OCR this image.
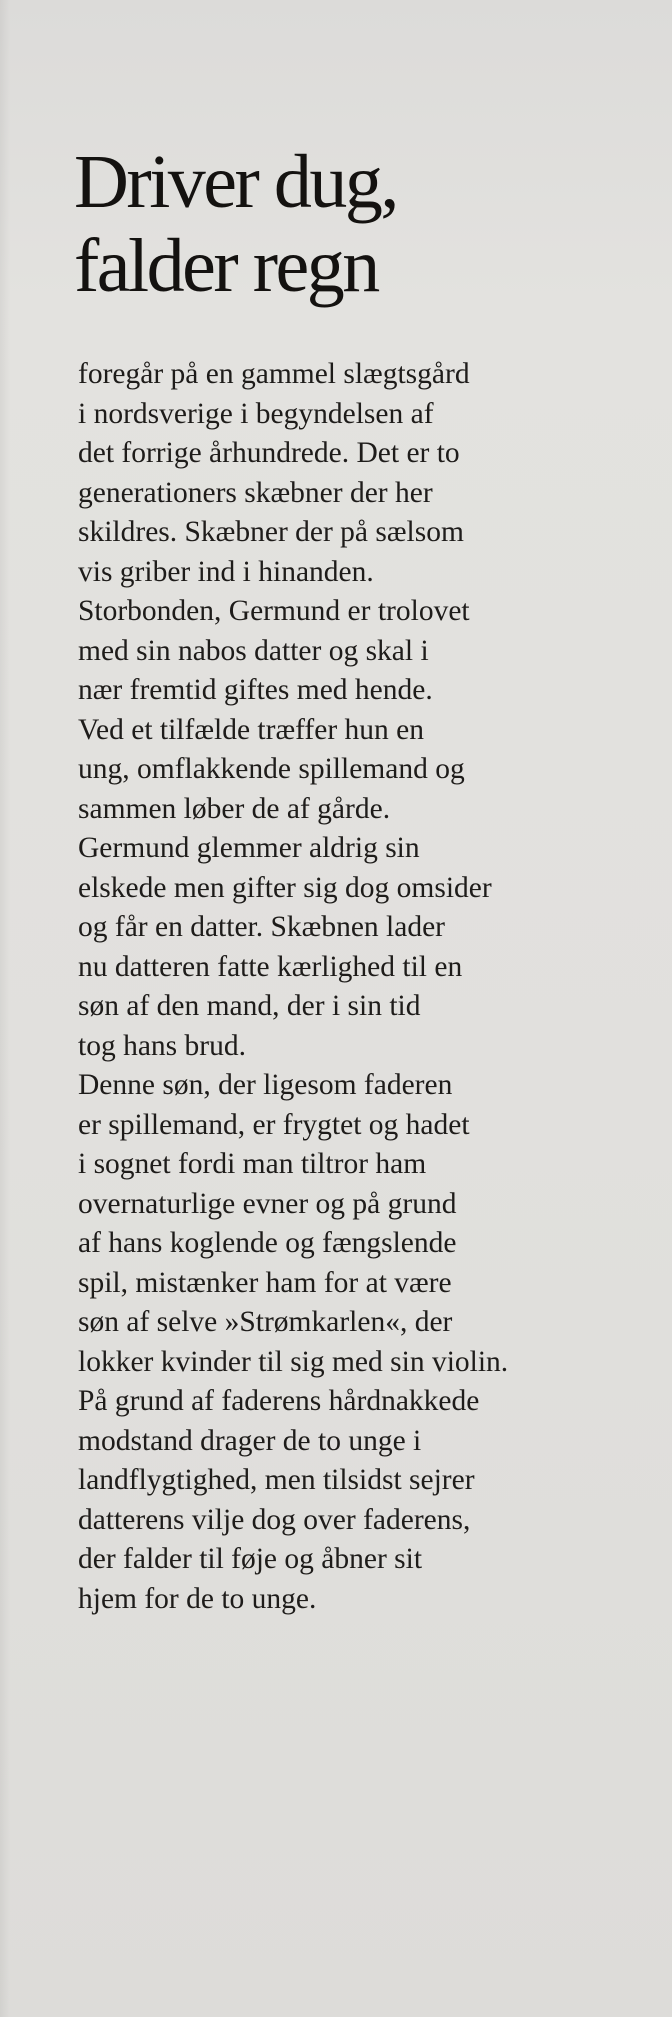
Driver dug,
falder regn
foregår på en gammel slægtsgård
i nordsverige i begyndelsen af
det forrige århundrede. Det er to
generationers skæbner der her
skildres. Skæbner der på sælsom
vis griber ind i hinanden.
Storbonden, Germund er trolovet
med sin nabos datter og skal i
nær fremtid giftes med hende.
Ved et tilfælde træffer hun en
ung, omflakkende spillemand og
sammen løber de af gårde.
Germund glemmer aldrig sin
elskede men gifter sig dog omsider
og får en datter. Skæbnen lader
nu datteren fatte kærlighed til en
søn af den mand, der i sin tid
tog hans brud.
Denne søn, der ligesom faderen
er spillemand, er frygtet og hadet
i sognet fordi man tiltror ham
overnaturlige evner og på grund
af hans koglende og fængslende
spil, mistænker ham for at være
søn af selve »Strømkarlen«, der
lokker kvinder til sig med sin violin.
På grund af faderens hårdnakkede
modstand drager de to unge i
landflygtighed, men tilsidst sejrer
datterens vilje dog over faderens,
der falder til føje og åbner sit
hjem for de to unge.
